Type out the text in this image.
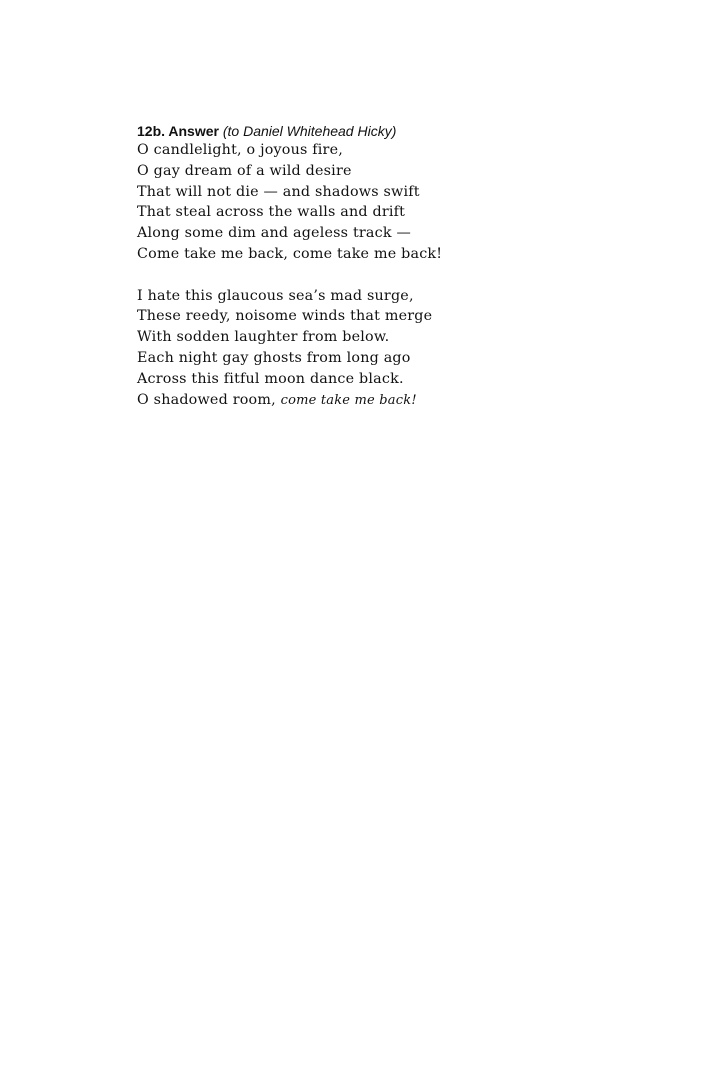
12b. Answer (to Daniel Whitehead Hicky)
O candlelight, o joyous fire,
O gay dream of a wild desire
That will not die — and shadows swift
That steal across the walls and drift
Along some dim and ageless track —
Come take me back, come take me back!
I hate this glaucous sea’s mad surge,
These reedy, noisome winds that merge
With sodden laughter from below.
Each night gay ghosts from long ago
Across this fitful moon dance black.
O shadowed room, come take me back!
